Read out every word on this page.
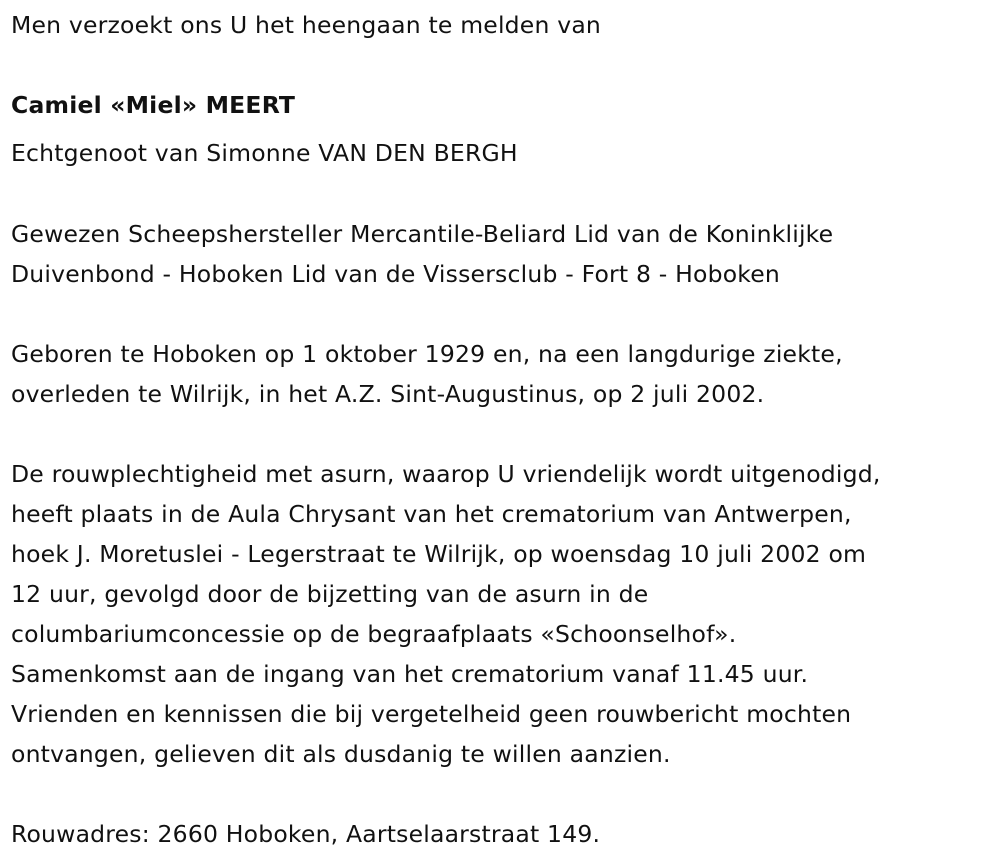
Men verzoekt ons U het heengaan te melden van
Camiel «Miel» MEERT
Echtgenoot van Simonne VAN DEN BERGH
Gewezen Scheepshersteller Mercantile-Beliard Lid van de Koninklijke
Duivenbond - Hoboken Lid van de Vissersclub - Fort 8 - Hoboken
Geboren te Hoboken op 1 oktober 1929 en, na een langdurige ziekte,
overleden te Wilrijk, in het A.Z. Sint-Augustinus, op 2 juli 2002.
De rouwplechtigheid met asurn, waarop U vriendelijk wordt uitgenodigd,
heeft plaats in de Aula Chrysant van het crematorium van Antwerpen,
hoek J. Moretuslei - Legerstraat te Wilrijk, op woensdag 10 juli 2002 om
12 uur, gevolgd door de bijzetting van de asurn in de
columbariumconcessie op de begraafplaats «Schoonselhof».
Samenkomst aan de ingang van het crematorium vanaf 11.45 uur.
Vrienden en kennissen die bij vergetelheid geen rouwbericht mochten
ontvangen, gelieven dit als dusdanig te willen aanzien.
Rouwadres: 2660 Hoboken, Aartselaarstraat 149.
